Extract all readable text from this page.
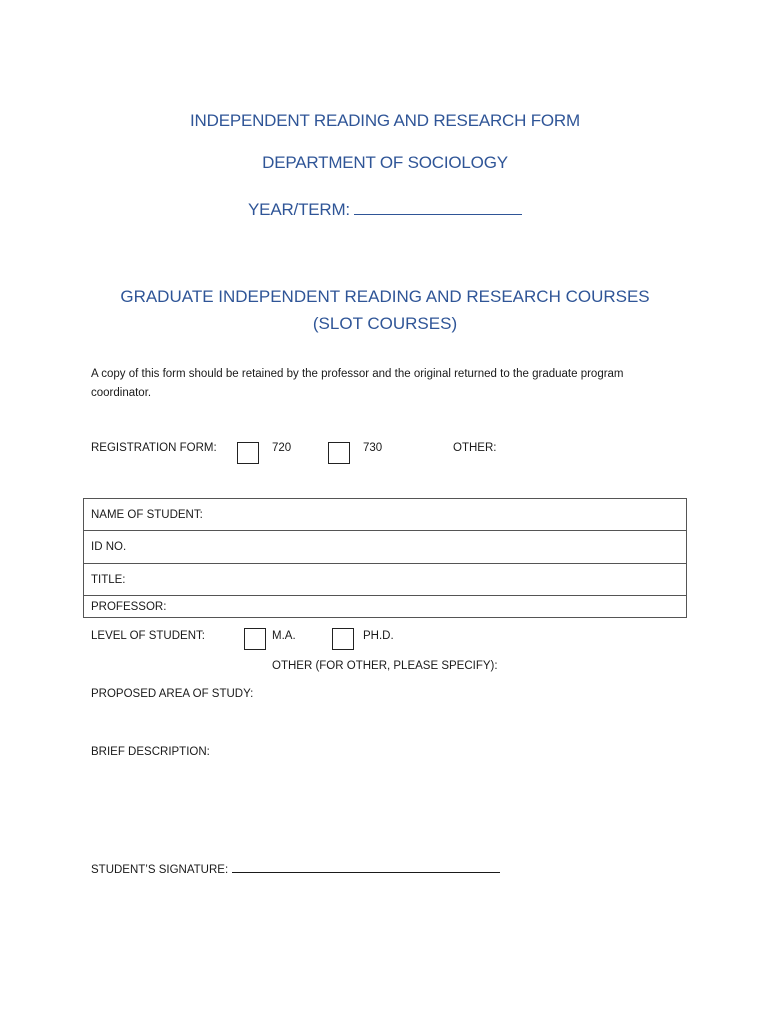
INDEPENDENT READING AND RESEARCH FORM
DEPARTMENT OF SOCIOLOGY
YEAR/TERM:
GRADUATE INDEPENDENT READING AND RESEARCH COURSES (SLOT COURSES)
A copy of this form should be retained by the professor and the original returned to the graduate program coordinator.
REGISTRATION FORM:	720	730	OTHER:
NAME OF STUDENT:
ID NO.
TITLE:
PROFESSOR:
LEVEL OF STUDENT:	M.A.	PH.D.
OTHER (FOR OTHER, PLEASE SPECIFY):
PROPOSED AREA OF STUDY:
BRIEF DESCRIPTION:
STUDENT’S SIGNATURE:
